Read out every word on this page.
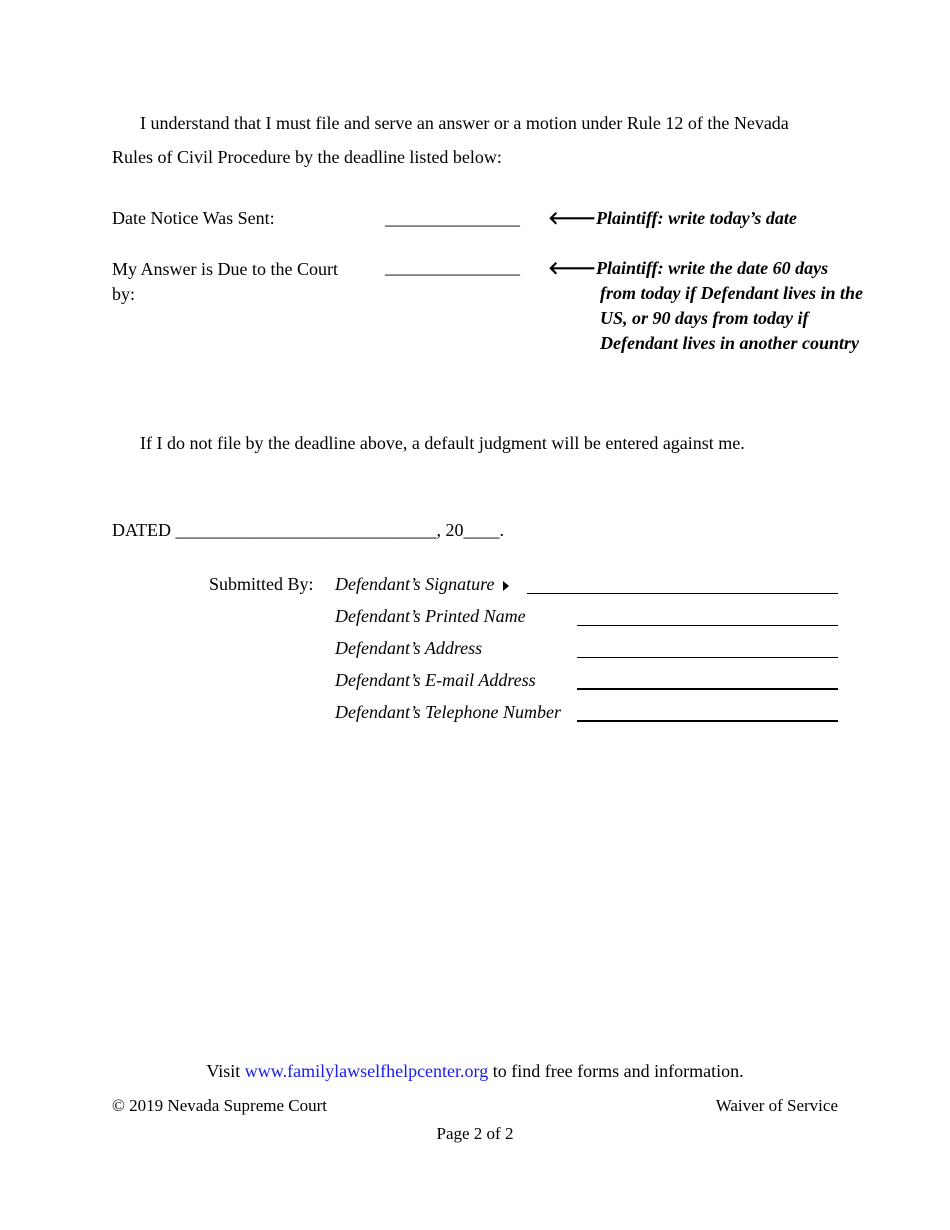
I understand that I must file and serve an answer or a motion under Rule 12 of the Nevada
Rules of Civil Procedure by the deadline listed below:
Date Notice Was Sent:	_______________ 🡐Plaintiff: write today’s date
My Answer is Due to the Court
by:
_______________ 🡐Plaintiff: write the date 60 days from today if Defendant lives in the US, or 90 days from today if Defendant lives in another country
If I do not file by the deadline above, a default judgment will be entered against me.
DATED _____________________________, 20____.
Submitted By: Defendant’s Signature
Defendant’s Printed Name
Defendant’s Address
Defendant’s E-mail Address
Defendant’s Telephone Number
Visit www.familylawselfhelpcenter.org to find free forms and information.
© 2019 Nevada Supreme Court	Waiver of Service
Page 2 of 2
